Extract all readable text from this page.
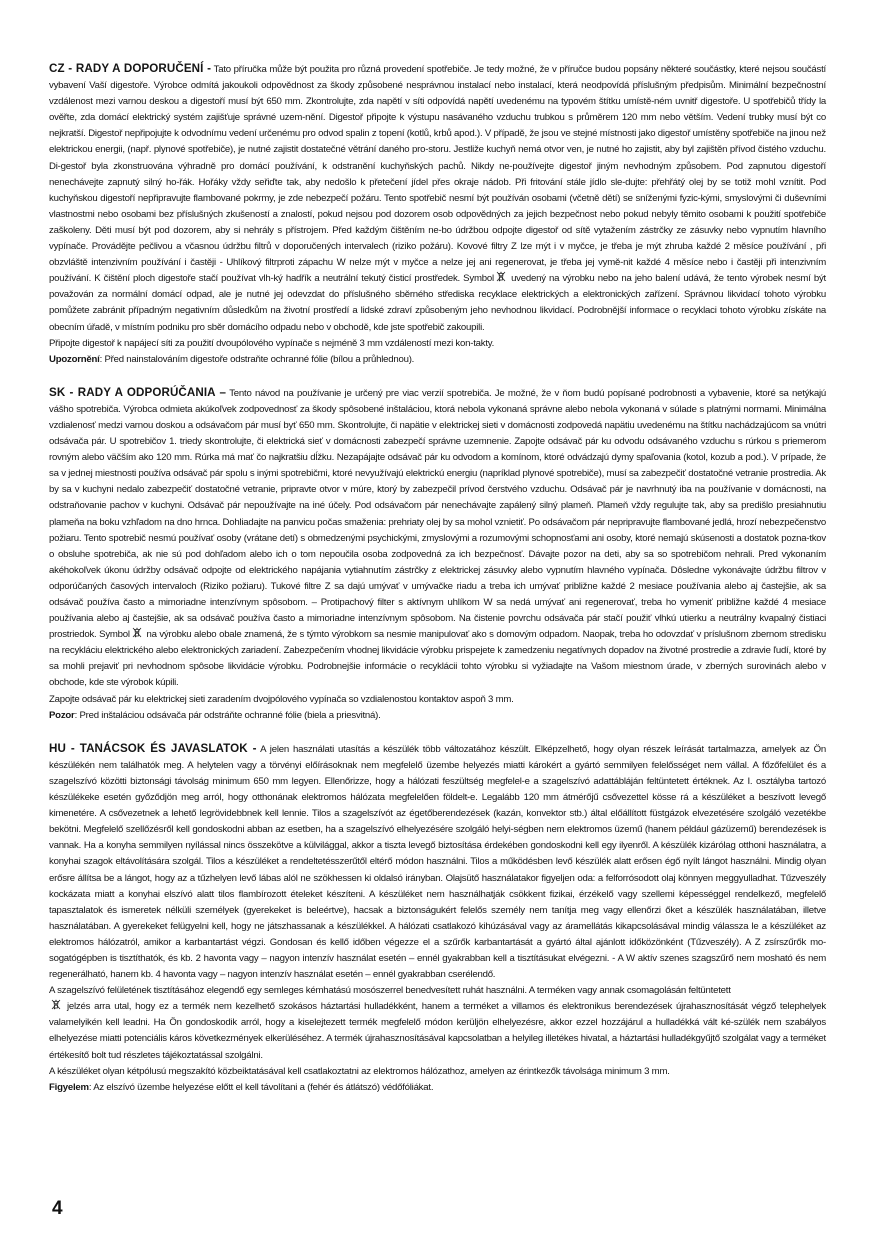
CZ - RADY A DOPORUČENÍ - Tato příručka může být použita pro různá provedení spotřebiče. Je tedy možné, že v příručce budou popsány některé součástky, které nejsou součástí vybavení Vaší digestoře. Výrobce odmítá jakoukoli odpovědnost za škody způsobené nesprávnou instalací nebo instalací, která neodpovídá příslušným předpisům. Minimální bezpečnostní vzdálenost mezi varnou deskou a digestoří musí být 650 mm. Zkontrolujte, zda napětí v síti odpovídá napětí uvedenému na typovém štítku umístě-ném uvnitř digestoře. U spotřebičů třídy la ověřte, zda domácí elektrický systém zajišťuje správné uzem-nění. Digestoř připojte k výstupu nasávaného vzduchu trubkou s průměrem 120 mm nebo větším. Vedení trubky musí být co nejkratší. Digestoř nepřipojujte k odvodnímu vedení určenému pro odvod spalin z topení (kotlů, krbů apod.). V případě, že jsou ve stejné místnosti jako digestoř umístěny spotřebiče na jinou než elektrickou energii, (např. plynové spotřebiče), je nutné zajistit dostatečné větrání daného pro-storu. Jestliže kuchyň nemá otvor ven, je nutné ho zajistit, aby byl zajištěn přívod čistého vzduchu. Di-gestoř byla zkonstruována výhradně pro domácí používání, k odstranění kuchyňských pachů. Nikdy ne-používejte digestoř jiným nevhodným způsobem. Pod zapnutou digestoří nenechávejte zapnutý silný ho-řák. Hořáky vždy seřiďte tak, aby nedošlo k přetečení jídel přes okraje nádob. Při fritování stále jídlo sle-dujte: přehřátý olej by se totiž mohl vznítit. Pod kuchyňskou digestoří nepřipravujte flambované pokrmy, je zde nebezpečí požáru. Tento spotřebič nesmí být používán osobami (včetně dětí) se sníženými fyzic-kými, smyslovými či duševními vlastnostmi nebo osobami bez příslušných zkušeností a znalostí, pokud nejsou pod dozorem osob odpovědných za jejich bezpečnost nebo pokud nebyly těmito osobami k použití spotřebiče zaškoleny. Děti musí být pod dozorem, aby si nehrály s přístrojem. Před každým čištěním ne-bo údržbou odpojte digestoř od sítě vytažením zástrčky ze zásuvky nebo vypnutím hlavního vypínače. Provádějte pečlivou a včasnou údržbu filtrů v doporučených intervalech (riziko požáru). Kovové filtry Z lze mýt i v myčce, je třeba je mýt zhruba každé 2 měsíce používání , při obzvláště intenzivním používání i častěji - Uhlíkový filtrproti zápachu W nelze mýt v myčce a nelze jej ani regenerovat, je třeba jej vymě-nit každé 4 měsíce nebo i častěji při intenzivním používání. K čištění ploch digestoře stačí používat vlh-ký hadřík a neutrální tekutý čisticí prostředek. Symbol
uvedený na výrobku nebo na jeho balení udává, že tento výrobek nesmí být považován za normální domácí odpad, ale je nutné jej odevzdat do příslušného sběrného střediska recyklace elektrických a elektronických zařízení. Správnou likvidací tohoto výrobku pomůžete zabránit případným negativním důsledkům na životní prostředí a lidské zdraví způsobeným jeho nevhodnou likvidací. Podrobnější informace o recyklaci tohoto výrobku získáte na obecním úřadě, v místním podniku pro sběr domácího odpadu nebo v obchodě, kde jste spotřebič zakoupili.

Připojte digestoř k napájecí síti za použití dvoupólového vypínače s nejméně 3 mm vzdáleností mezi kon-takty.

Upozornění: Před nainstalováním digestoře odstraňte ochranné fólie (bílou a průhlednou).

SK - RADY A ODPORÚČANIA – Tento návod na používanie je určený pre viac verzií spotrebiča. Je možné, že v ňom budú popísané podrobnosti a vybavenie, ktoré sa netýkajú vášho spotrebiča. Výrobca odmieta akúkoľvek zodpovednosť za škody spôsobené inštaláciou, ktorá nebola vykonaná správne alebo nebola vykonaná v súlade s platnými normami. Minimálna vzdialenosť medzi varnou doskou a odsávačom pár musí byť 650 mm. Skontrolujte, či napätie v elektrickej sieti v domácnosti zodpovedá napätiu uvedenému na štítku nachádzajúcom sa vnútri odsávača pár. U spotrebičov 1. triedy skontrolujte, či elektrická sieť v domácnosti zabezpečí správne uzemnenie. Zapojte odsávač pár ku odvodu odsávaného vzduchu s rúrkou s priemerom rovným alebo väčším ako 120 mm. Rúrka má mať čo najkratšiu dĺžku. Nezapájajte odsávač pár ku odvodom a komínom, ktoré odvádzajú dymy spaľovania (kotol, kozub a pod.). V prípade, že sa v jednej miestnosti používa odsávač pár spolu s inými spotrebičmi, ktoré nevyužívajú elektrickú energiu (napríklad plynové spotrebiče), musí sa zabezpečiť dostatočné vetranie prostredia. Ak by sa v kuchyni nedalo zabezpečiť dostatočné vetranie, pripravte otvor v múre, ktorý by zabezpečil prívod čerstvého vzduchu. Odsávač pár je navrhnutý iba na používanie v domácnosti, na odstraňovanie pachov v kuchyni. Odsávač pár nepoužívajte na iné účely. Pod odsávačom pár nenechávajte zapálený silný plameň. Plameň vždy regulujte tak, aby sa predišlo presiahnutiu plameňa na boku vzhľadom na dno hrnca. Dohliadajte na panvicu počas smaženia: prehriaty olej by sa mohol vznietiť. Po odsávačom pár nepripravujte flambované jedlá, hrozí nebezpečenstvo požiaru. Tento spotrebič nesmú používať osoby (vrátane detí) s obmedzenými psychickými, zmyslovými a rozumovými schopnosťami ani osoby, ktoré nemajú skúsenosti a dostatok pozna-tkov o obsluhe spotrebiča, ak nie sú pod dohľadom alebo ich o tom nepoučila osoba zodpovedná za ich bezpečnosť. Dávajte pozor na deti, aby sa so spotrebičom nehrali. Pred vykonaním akéhokoľvek úkonu údržby odsávač odpojte od elektrického napájania vytiahnutím zástrčky z elektrickej zásuvky alebo vypnutím hlavného vypínača. Dôsledne vykonávajte údržbu filtrov v odporúčaných časových intervaloch (Riziko požiaru). Tukové filtre Z sa dajú umývať v umývačke riadu a treba ich umývať približne každé 2 mesiace používania alebo aj častejšie, ak sa odsávač používa často a mimoriadne intenzívnym spôsobom. – Protipachový filter s aktívnym uhlíkom W sa nedá umývať ani regenerovať, treba ho vymeniť približne každé 4 mesiace používania alebo aj častejšie, ak sa odsávač používa často a mimoriadne intenzívnym spôsobom. Na čistenie povrchu odsávača pár stačí použiť vlhkú utierku a neutrálny kvapalný čistiaci prostriedok. Symbol
na výrobku alebo obale znamená, že s týmto výrobkom sa nesmie manipulovať ako s domovým odpadom. Naopak, treba ho odovzdať v príslušnom zbernom stredisku na recykláciu elektrického alebo elektronických zariadení. Zabezpečením vhodnej likvidácie výrobku prispejete k zamedzeniu negatívnych dopadov na životné prostredie a zdravie ľudí, ktoré by sa mohli prejaviť pri nevhodnom spôsobe likvidácie výrobku. Podrobnejšie informácie o recyklácii tohto výrobku si vyžiadajte na Vašom miestnom úrade, v zberných surovinách alebo v obchode, kde ste výrobok kúpili.

Zapojte odsávač pár ku elektrickej sieti zaradením dvojpólového vypínača so vzdialenostou kontaktov aspoň 3 mm.

Pozor: Pred inštaláciou odsávača pár odstráňte ochranné fólie (biela a priesvitná).

HU - TANÁCSOK ÉS JAVASLATOK - A jelen használati utasítás a készülék több változatához készült. Elképzelhető, hogy olyan részek leírását tartalmazza, amelyek az Ön készülékén nem találhatók meg. A helytelen vagy a törvényi előírásoknak nem megfelelő üzembe helyezés miatti károkért a gyártó semmilyen felelősséget nem vállal. A főzőfelület és a szagelszívó közötti biztonsági távolság minimum 650 mm legyen. Ellenőrizze, hogy a hálózati feszültség megfelel-e a szagelszívó adattábláján feltüntetett értéknek. Az I. osztályba tartozó készülékeke esetén győződjön meg arról, hogy otthonának elektromos hálózata megfelelően földelt-e. Legalább 120 mm átmérőjű csővezettel kösse rá a készüléket a beszívott levegő kimenetére. A csővezetnek a lehető legrövidebbnek kell lennie. Tilos a szagelszívót az égetőberendezések (kazán, konvektor stb.) által előállított füstgázok elvezetésére szolgáló vezetékbe bekötni. Megfelelő szellőzésről kell gondoskodni abban az esetben, ha a szagelszívó elhelyezésére szolgáló helyi-ségben nem elektromos üzemű (hanem például gázüzemű) berendezések is vannak. Ha a konyha semmilyen nyílással nincs összekötve a külvilággal, akkor a tiszta levegő biztosítása érdekében gondoskodni kell egy ilyenről. A készülék kizárólag otthoni használatra, a konyhai szagok eltávolítására szolgál. Tilos a készüléket a rendeltetésszerűtől eltérő módon használni. Tilos a működésben levő készülék alatt erősen égő nyílt lángot használni. Mindig olyan erősre állítsa be a lángot, hogy az a tűzhelyen levő lábas alól ne szökhessen ki oldalsó irányban. Olajsütő használatakor figyeljen oda: a felforrósodott olaj könnyen meggyulladhat. Tűzveszély kockázata miatt a konyhai elszívó alatt tilos flambírozott ételeket készíteni. A készüléket nem használhatják csökkent fizikai, érzékelő vagy szellemi képességgel rendelkező, megfelelő tapasztalatok és ismeretek nélküli személyek (gyerekeket is beleértve), hacsak a biztonságukért felelős személy nem tanítja meg vagy ellenőrzi őket a készülék használatában, illetve használatában. A gyerekeket felügyelni kell, hogy ne játszhassanak a készülékkel. A hálózati csatlakozó kihúzásával vagy az áramellátás kikapcsolásával mindig válassza le a készüléket az elektromos hálózatról, amikor a karbantartást végzi. Gondosan és kellő időben végezze el a szűrők karbantartását a gyártó által ajánlott időközönként (Tűzveszély). A Z zsírszűrők mo-sogatógépben is tisztíthatók, és kb. 2 havonta vagy – nagyon intenzív használat esetén – ennél gyakrabban kell a tisztításukat elvégezni. - A W aktív szenes szagszűrő nem mosható és nem regenerálható, hanem kb. 4 havonta vagy – nagyon intenzív használat esetén – ennél gyakrabban cserélendő.

A szagelszívó felületének tisztításához elegendő egy semleges kémhatású mosószerrel benedvesített ruhát használni. A terméken vagy annak csomagolásán feltüntetett

jelzés arra utal, hogy ez a termék nem kezelhető szokásos háztartási hulladékként, hanem a terméket a villamos és elektronikus berendezések újrahasznosítását végző telephelyek valamelyikén kell leadni. Ha Ön gondoskodik arról, hogy a kiselejtezett termék megfelelő módon kerüljön elhelyezésre, akkor ezzel hozzájárul a hulladékká vált ké-szülék nem szabályos elhelyezése miatti potenciális káros következmények elkerüléséhez. A termék újrahasznosításával kapcsolatban a helyileg illetékes hivatal, a háztartási hulladékgyűjtő szolgálat vagy a terméket értékesítő bolt tud részletes tájékoztatással szolgálni.

A készüléket olyan kétpólusú megszakító közbeiktatásával kell csatlakoztatni az elektromos hálózathoz, amelyen az érintkezők távolsága minimum 3 mm.

Figyelem: Az elszívó üzembe helyezése előtt el kell távolítani a (fehér és átlátszó) védőfóliákat.

4
